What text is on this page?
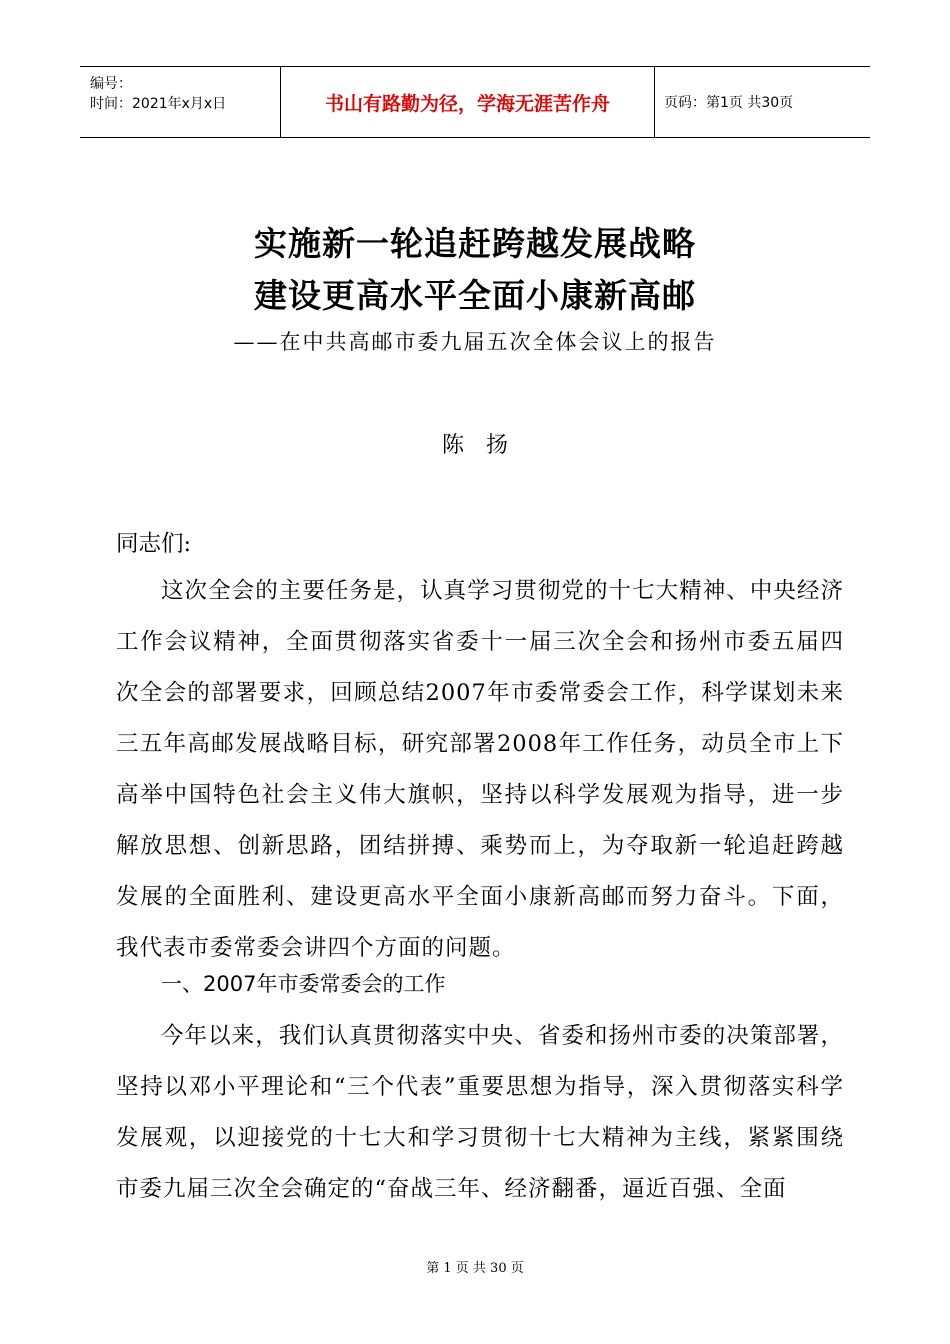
编号：
时间：2021年x月x日	书山有路勤为径，学海无涯苦作舟	页码：第1页 共30页
实施新一轮追赶跨越发展战略
建设更高水平全面小康新高邮
——在中共高邮市委九届五次全体会议上的报告
陈　扬
同志们:
这次全会的主要任务是，认真学习贯彻党的十七大精神、中央经济工作会议精神，全面贯彻落实省委十一届三次全会和扬州市委五届四次全会的部署要求，回顾总结2007年市委常委会工作，科学谋划未来三五年高邮发展战略目标，研究部署2008年工作任务，动员全市上下高举中国特色社会主义伟大旗帜，坚持以科学发展观为指导，进一步解放思想、创新思路，团结拼搏、乘势而上，为夺取新一轮追赶跨越发展的全面胜利、建设更高水平全面小康新高邮而努力奋斗。下面，我代表市委常委会讲四个方面的问题。
一、2007年市委常委会的工作
今年以来，我们认真贯彻落实中央、省委和扬州市委的决策部署，坚持以邓小平理论和“三个代表”重要思想为指导，深入贯彻落实科学发展观，以迎接党的十七大和学习贯彻十七大精神为主线，紧紧围绕市委九届三次全会确定的“奋战三年、经济翻番，逼近百强、全面
第 1 页 共 30 页
